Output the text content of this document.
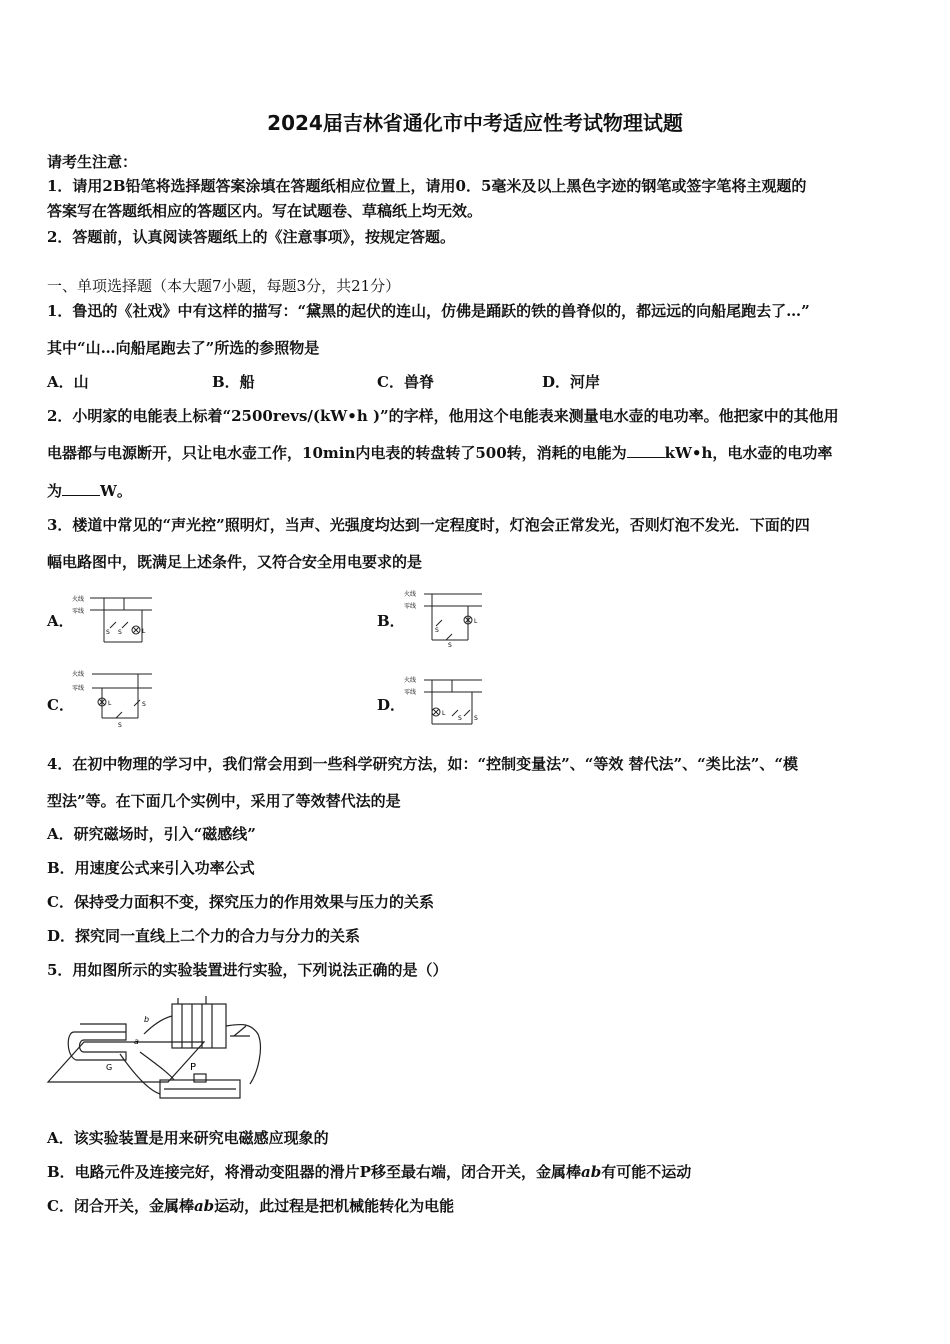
2024届吉林省通化市中考适应性考试物理试题
请考生注意：
1．请用2B铅笔将选择题答案涂填在答题纸相应位置上，请用0．5毫米及以上黑色字迹的钢笔或签字笔将主观题的
答案写在答题纸相应的答题区内。写在试题卷、草稿纸上均无效。
2．答题前，认真阅读答题纸上的《注意事项》，按规定答题。
一、单项选择题（本大题7小题，每题3分，共21分）
1．鲁迅的《社戏》中有这样的描写：“黛黑的起伏的连山，仿佛是踊跃的铁的兽脊似的，都远远的向船尾跑去了…”
其中“山…向船尾跑去了”所选的参照物是
A．山	B．船	C．兽脊	D．河岸
2．小明家的电能表上标着“2500revs/(kW•h )”的字样，他用这个电能表来测量电水壶的电功率。他把家中的其他用
电器都与电源断开，只让电水壶工作，10min内电表的转盘转了500转，消耗的电能为	kW•h，电水壶的电功率
为	W。
3．楼道中常见的“声光控”照明灯，当声、光强度均达到一定程度时，灯泡会正常发光，否则灯泡不发光．下面的四
幅电路图中，既满足上述条件，又符合安全用电要求的是
A．
火线
零线
S S	L
B．
火线
零线
S
S
L
C．
火线
零线
L	S
S
D．
火线
零线
L
S S
4．在初中物理的学习中，我们常会用到一些科学研究方法，如：“控制变量法”、“等效 替代法”、“类比法”、“模
型法”等。在下面几个实例中，采用了等效替代法的是
A．研究磁场时，引入“磁感线”
B．用速度公式来引入功率公式
C．保持受力面积不变，探究压力的作用效果与压力的关系
D．探究同一直线上二个力的合力与分力的关系
5．用如图所示的实验装置进行实验，下列说法正确的是（）
a
b
G	P
A．该实验装置是用来研究电磁感应现象的
B．电路元件及连接完好，将滑动变阻器的滑片P移至最右端，闭合开关，金属棒ab有可能不运动
C．闭合开关，金属棒ab运动，此过程是把机械能转化为电能
